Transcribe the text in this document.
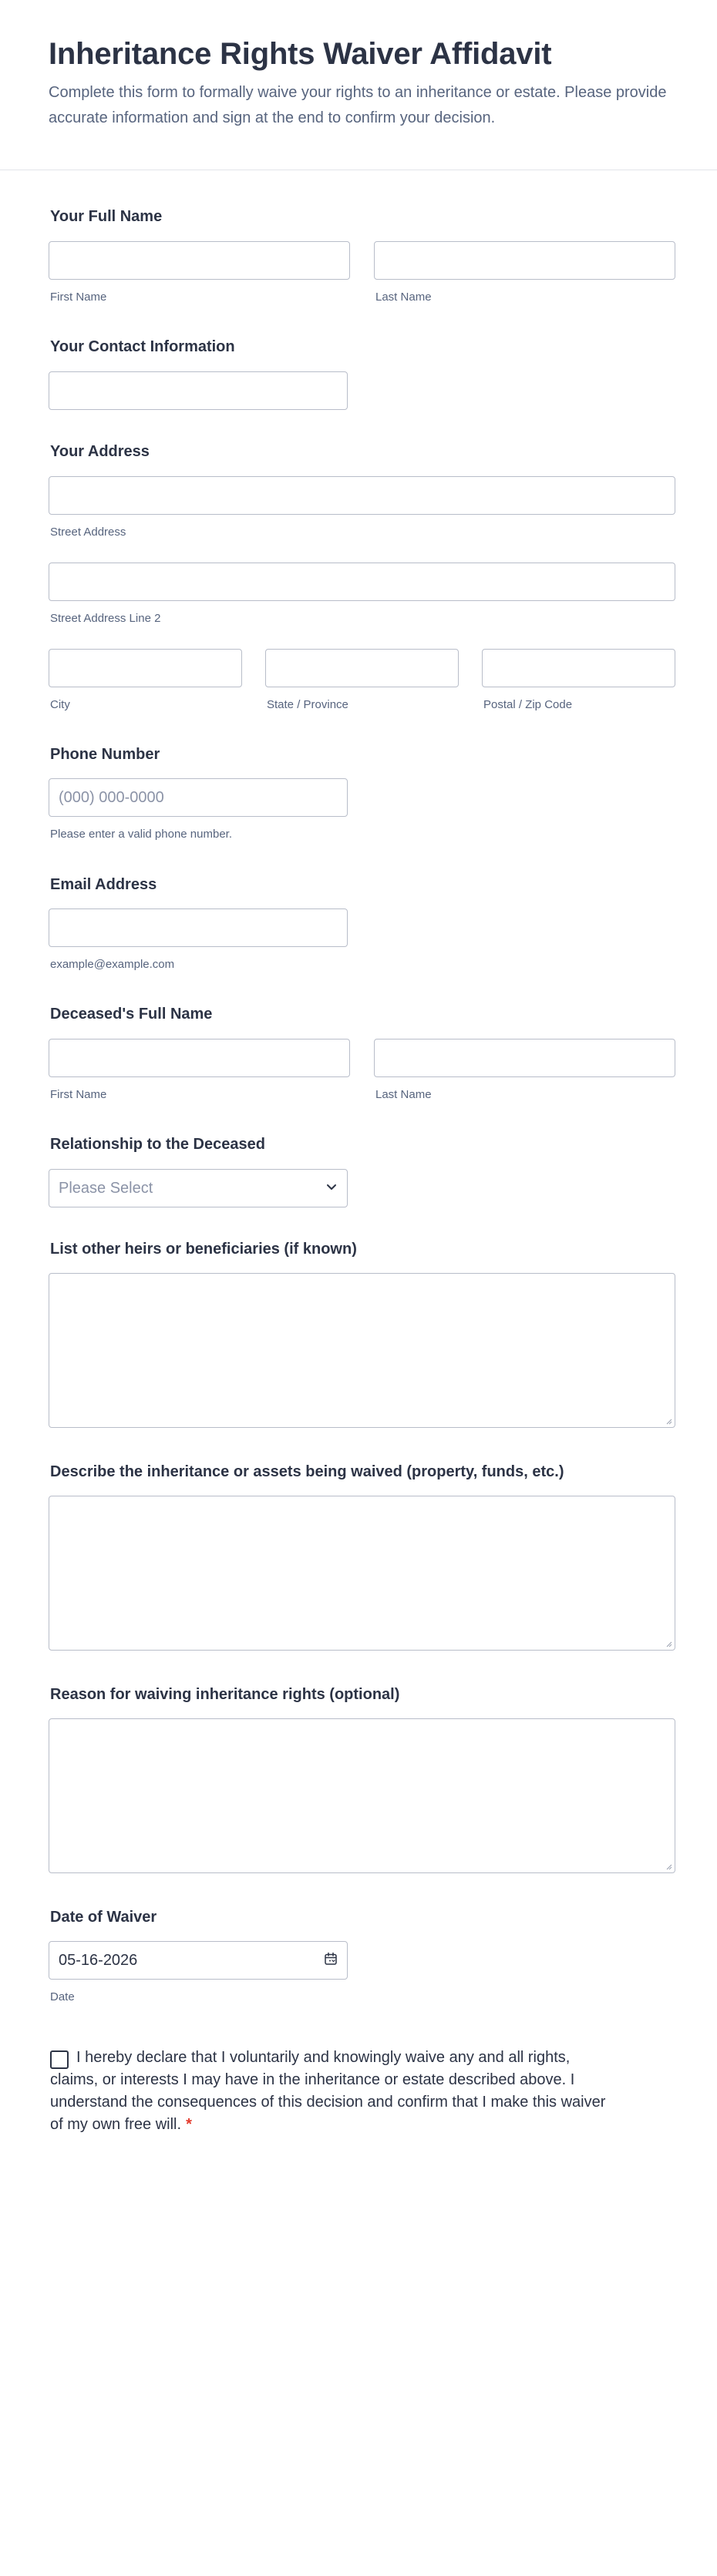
Inheritance Rights Waiver Affidavit

Complete this form to formally waive your rights to an inheritance or estate. Please provide accurate information and sign at the end to confirm your decision.

Your Full Name
First Name	Last Name
Your Contact Information
Your Address
Street Address
Street Address Line 2
City	State / Province	Postal / Zip Code
Phone Number
(000) 000-0000
Please enter a valid phone number.
Email Address
example@example.com
Deceased's Full Name
First Name	Last Name
Relationship to the Deceased
Please Select
List other heirs or beneficiaries (if known)
Describe the inheritance or assets being waived (property, funds, etc.)
Reason for waiving inheritance rights (optional)
Date of Waiver
05-16-2026
Date
I hereby declare that I voluntarily and knowingly waive any and all rights, claims, or interests I may have in the inheritance or estate described above. I understand the consequences of this decision and confirm that I make this waiver of my own free will. *
